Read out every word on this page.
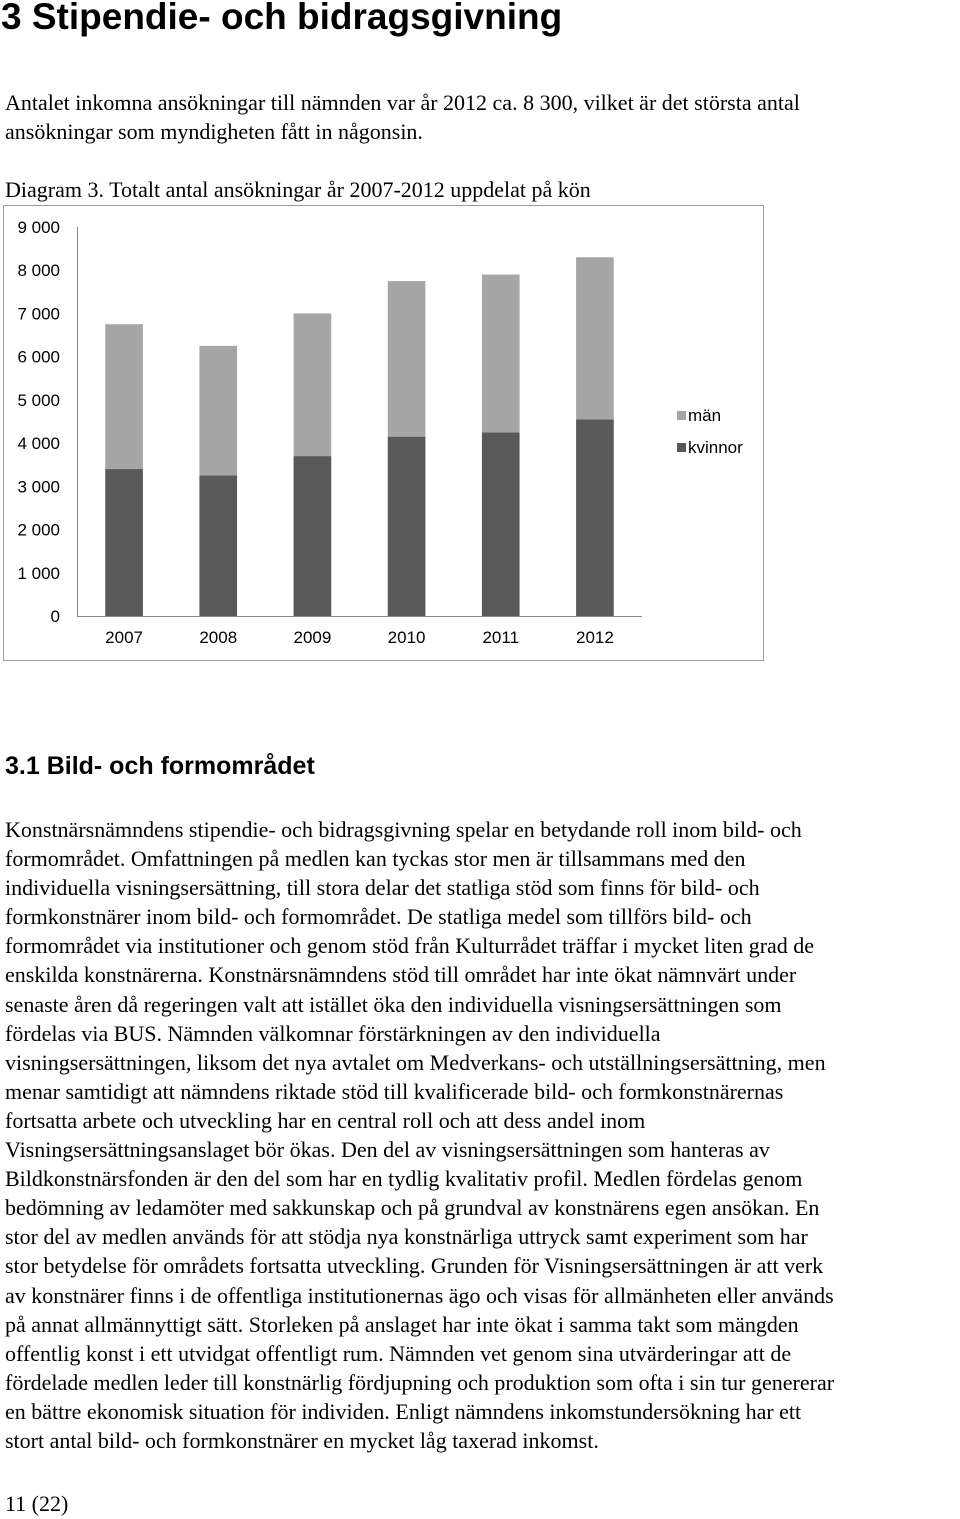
3 Stipendie- och bidragsgivning
Antalet inkomna ansökningar till nämnden var år 2012 ca. 8 300, vilket är det största antal
ansökningar som myndigheten fått in någonsin.
Diagram 3. Totalt antal ansökningar år 2007-2012 uppdelat på kön
0
1 000
2 000
3 000
4 000
5 000
6 000
7 000
8 000
9 000
2007	2008	2009	2010	2011	2012
män
kvinnor
3.1 Bild- och formområdet
Konstnärsnämndens stipendie- och bidragsgivning spelar en betydande roll inom bild- och
formområdet. Omfattningen på medlen kan tyckas stor men är tillsammans med den
individuella visningsersättning, till stora delar det statliga stöd som finns för bild- och
formkonstnärer inom bild- och formområdet. De statliga medel som tillförs bild- och
formområdet via institutioner och genom stöd från Kulturrådet träffar i mycket liten grad de
enskilda konstnärerna. Konstnärsnämndens stöd till området har inte ökat nämnvärt under
senaste åren då regeringen valt att istället öka den individuella visningsersättningen som
fördelas via BUS. Nämnden välkomnar förstärkningen av den individuella
visningsersättningen, liksom det nya avtalet om Medverkans- och utställningsersättning, men
menar samtidigt att nämndens riktade stöd till kvalificerade bild- och formkonstnärernas
fortsatta arbete och utveckling har en central roll och att dess andel inom
Visningsersättningsanslaget bör ökas. Den del av visningsersättningen som hanteras av
Bildkonstnärsfonden är den del som har en tydlig kvalitativ profil. Medlen fördelas genom
bedömning av ledamöter med sakkunskap och på grundval av konstnärens egen ansökan. En
stor del av medlen används för att stödja nya konstnärliga uttryck samt experiment som har
stor betydelse för områdets fortsatta utveckling. Grunden för Visningsersättningen är att verk
av konstnärer finns i de offentliga institutionernas ägo och visas för allmänheten eller används
på annat allmännyttigt sätt. Storleken på anslaget har inte ökat i samma takt som mängden
offentlig konst i ett utvidgat offentligt rum. Nämnden vet genom sina utvärderingar att de
fördelade medlen leder till konstnärlig fördjupning och produktion som ofta i sin tur genererar
en bättre ekonomisk situation för individen. Enligt nämndens inkomstundersökning har ett
stort antal bild- och formkonstnärer en mycket låg taxerad inkomst.
11 (22)
